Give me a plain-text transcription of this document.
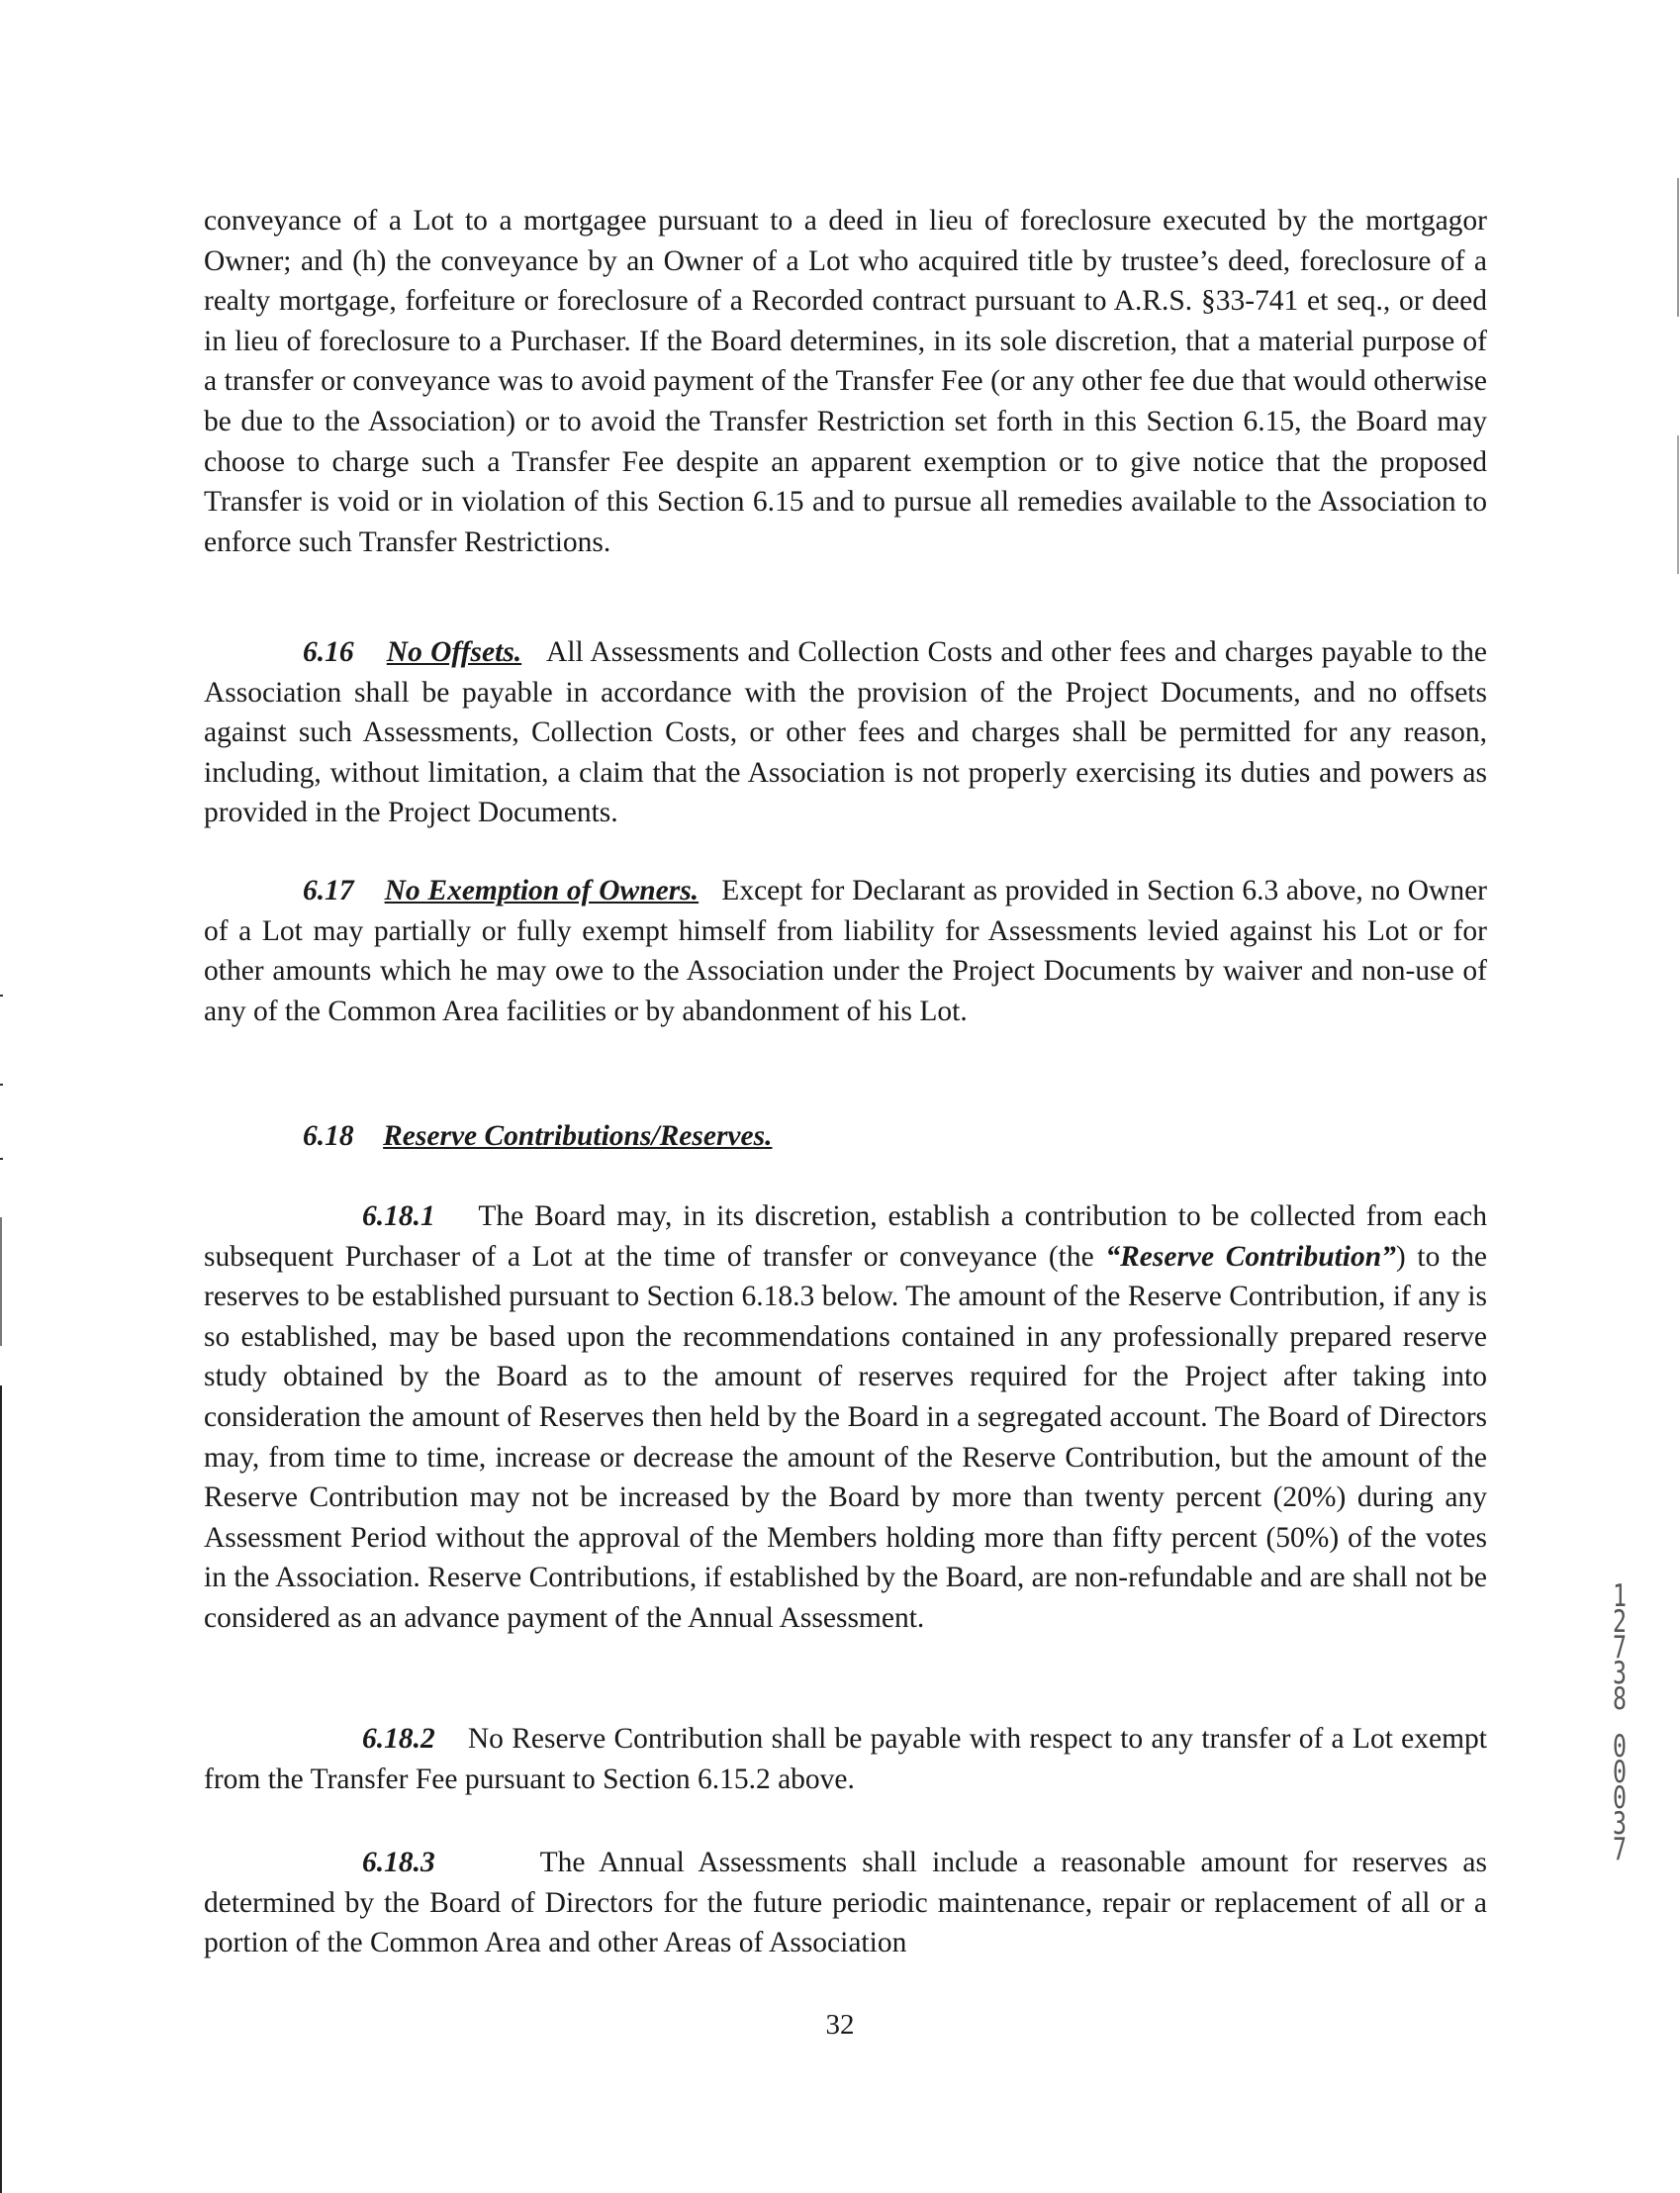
conveyance of a Lot to a mortgagee pursuant to a deed in lieu of foreclosure executed by the mortgagor Owner; and (h) the conveyance by an Owner of a Lot who acquired title by trustee’s deed, foreclosure of a realty mortgage, forfeiture or foreclosure of a Recorded contract pursuant to A.R.S. §33-741 et seq., or deed in lieu of foreclosure to a Purchaser. If the Board determines, in its sole discretion, that a material purpose of a transfer or conveyance was to avoid payment of the Transfer Fee (or any other fee due that would otherwise be due to the Association) or to avoid the Transfer Restriction set forth in this Section 6.15, the Board may choose to charge such a Transfer Fee despite an apparent exemption or to give notice that the proposed Transfer is void or in violation of this Section 6.15 and to pursue all remedies available to the Association to enforce such Transfer Restrictions.

6.16 No Offsets. All Assessments and Collection Costs and other fees and charges payable to the Association shall be payable in accordance with the provision of the Project Documents, and no offsets against such Assessments, Collection Costs, or other fees and charges shall be permitted for any reason, including, without limitation, a claim that the Association is not properly exercising its duties and powers as provided in the Project Documents.

6.17 No Exemption of Owners. Except for Declarant as provided in Section 6.3 above, no Owner of a Lot may partially or fully exempt himself from liability for Assessments levied against his Lot or for other amounts which he may owe to the Association under the Project Documents by waiver and non-use of any of the Common Area facilities or by abandonment of his Lot.

6.18 Reserve Contributions/Reserves.

6.18.1 The Board may, in its discretion, establish a contribution to be collected from each subsequent Purchaser of a Lot at the time of transfer or conveyance (the “Reserve Contribution”) to the reserves to be established pursuant to Section 6.18.3 below. The amount of the Reserve Contribution, if any is so established, may be based upon the recommendations contained in any professionally prepared reserve study obtained by the Board as to the amount of reserves required for the Project after taking into consideration the amount of Reserves then held by the Board in a segregated account. The Board of Directors may, from time to time, increase or decrease the amount of the Reserve Contribution, but the amount of the Reserve Contribution may not be increased by the Board by more than twenty percent (20%) during any Assessment Period without the approval of the Members holding more than fifty percent (50%) of the votes in the Association. Reserve Contributions, if established by the Board, are non-refundable and are shall not be considered as an advance payment of the Annual Assessment.

6.18.2 No Reserve Contribution shall be payable with respect to any transfer of a Lot exempt from the Transfer Fee pursuant to Section 6.15.2 above.

6.18.3	The Annual Assessments shall include a reasonable amount for reserves as determined by the Board of Directors for the future periodic maintenance, repair or replacement of all or a portion of the Common Area and other Areas of Association

32
1
2
7
3
8
0
0
0
3
7
